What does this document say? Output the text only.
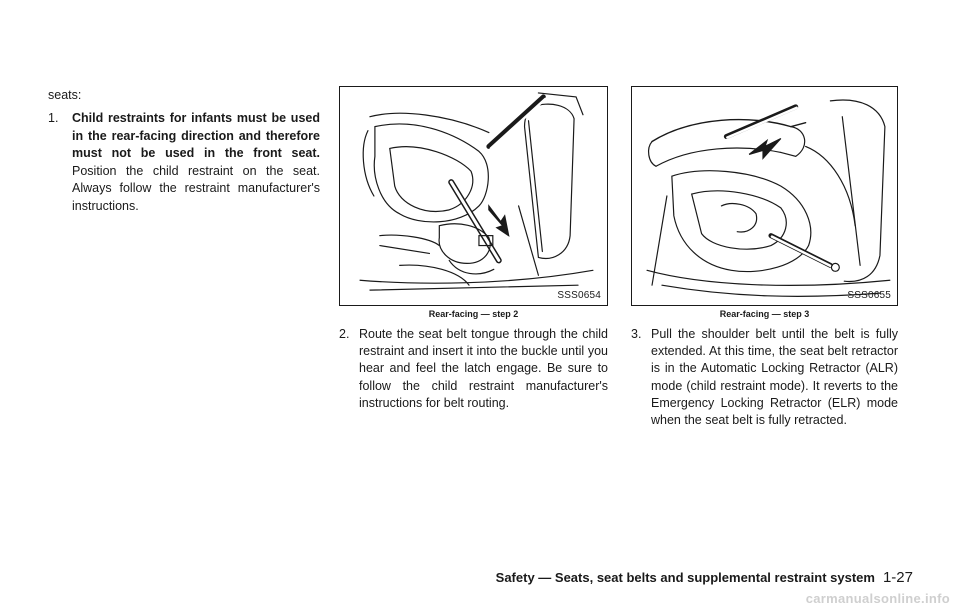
seats:

1. Child restraints for infants must be used in the rear-facing direction and therefore must not be used in the front seat. Position the child restraint on the seat. Always follow the restraint manufacturer's instructions.
SSS0654
Rear-facing — step 2
2. Route the seat belt tongue through the child restraint and insert it into the buckle until you hear and feel the latch engage. Be sure to follow the child restraint manufacturer's instructions for belt routing.
SSS0655
Rear-facing — step 3
3. Pull the shoulder belt until the belt is fully extended. At this time, the seat belt retractor is in the Automatic Locking Retractor (ALR) mode (child restraint mode). It reverts to the Emergency Locking Retractor (ELR) mode when the seat belt is fully retracted.
Safety — Seats, seat belts and supplemental restraint system 1-27
carmanualsonline.info
